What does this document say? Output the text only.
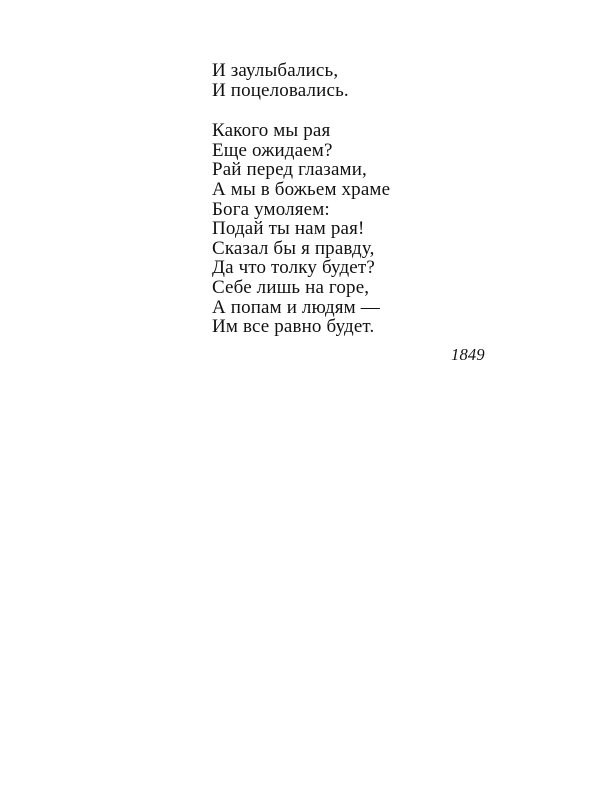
И заулыбались,
И поцеловались.

Какого мы рая
Еще ожидаем?
Рай перед глазами,
А мы в божьем храме
Бога умоляем:
Подай ты нам рая!
Сказал бы я правду,
Да что толку будет?
Себе лишь на горе,
А попам и людям —
Им все равно будет.

1849
